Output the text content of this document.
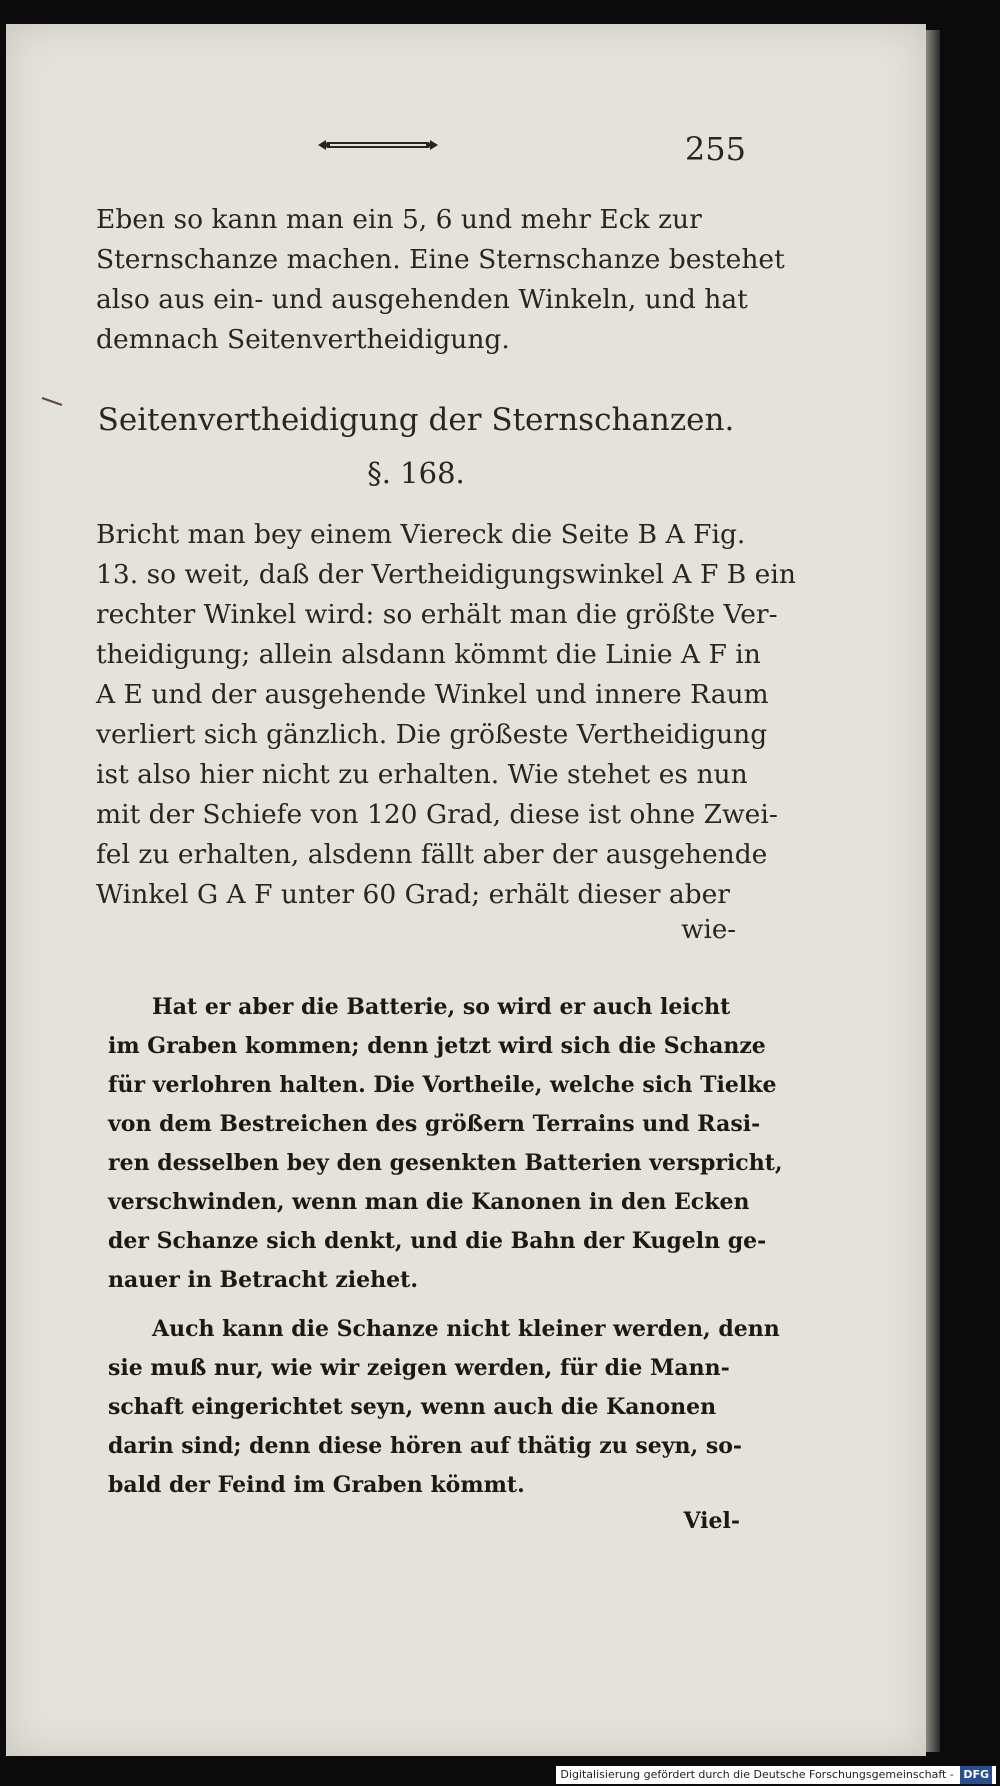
255
Eben so kann man ein 5, 6 und mehr Eck zur
Sternschanze machen. Eine Sternschanze bestehet
also aus ein- und ausgehenden Winkeln, und hat
demnach Seitenvertheidigung.
Seitenvertheidigung der Sternschanzen.
§. 168.
Bricht man bey einem Viereck die Seite B A Fig.
13. so weit, daß der Vertheidigungswinkel A F B ein
rechter Winkel wird: so erhält man die größte Ver-
theidigung; allein alsdann kömmt die Linie A F in
A E und der ausgehende Winkel und innere Raum
verliert sich gänzlich. Die größeste Vertheidigung
ist also hier nicht zu erhalten. Wie stehet es nun
mit der Schiefe von 120 Grad, diese ist ohne Zwei-
fel zu erhalten, alsdenn fällt aber der ausgehende
Winkel G A F unter 60 Grad; erhält dieser aber
wie-
Hat er aber die Batterie, so wird er auch leicht
im Graben kommen; denn jetzt wird sich die Schanze
für verlohren halten. Die Vortheile, welche sich Tielke
von dem Bestreichen des größern Terrains und Rasi-
ren desselben bey den gesenkten Batterien verspricht,
verschwinden, wenn man die Kanonen in den Ecken
der Schanze sich denkt, und die Bahn der Kugeln ge-
nauer in Betracht ziehet.
Auch kann die Schanze nicht kleiner werden, denn
sie muß nur, wie wir zeigen werden, für die Mann-
schaft eingerichtet seyn, wenn auch die Kanonen
darin sind; denn diese hören auf thätig zu seyn, so-
bald der Feind im Graben kömmt.
Viel-
Digitalisierung gefördert durch die Deutsche Forschungsgemeinschaft - DFG
